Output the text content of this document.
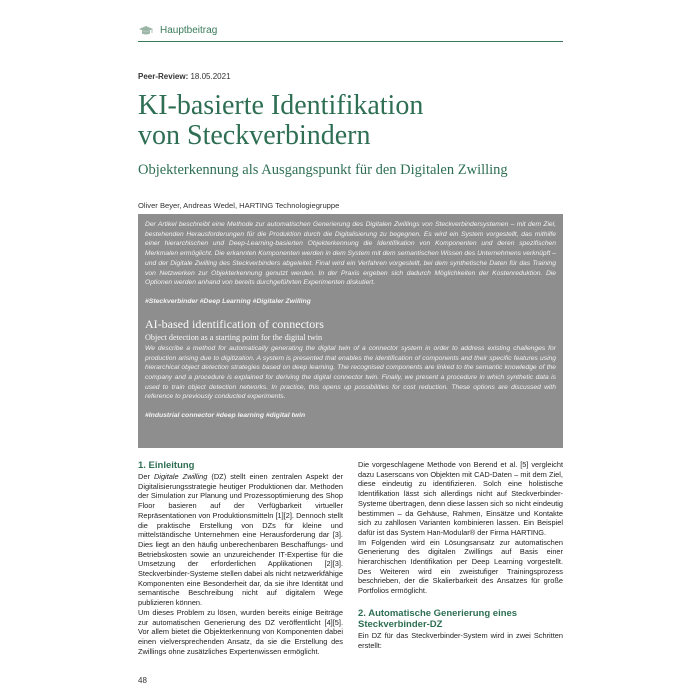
Hauptbeitrag
Peer-Review: 18.05.2021
KI-basierte Identifikation
von Steckverbindern
Objekterkennung als Ausgangspunkt für den Digitalen Zwilling
Oliver Beyer, Andreas Wedel, HARTING Technologiegruppe

Der Artikel beschreibt eine Methode zur automatischen Generierung des Digitalen Zwillings von Steckverbindersystemen – mit dem Ziel, bestehenden Herausforderungen für die Produktion durch die Digitalisierung zu begegnen. Es wird ein System vorgestellt, das mithilfe einer hierarchischen und Deep-Learning-basierten Objekterkennung die Identifikation von Komponenten und deren spezifischen Merkmalen ermöglicht. Die erkannten Komponenten werden in dem System mit dem semantischen Wissen des Unternehmens verknüpft – und der Digitale Zwilling des Steckverbinders abgeleitet. Final wird ein Verfahren vorgestellt, bei dem synthetische Daten für das Training von Netzwerken zur Objekterkennung genutzt werden. In der Praxis ergeben sich dadurch Möglichkeiten der Kostenreduktion. Die Optionen werden anhand von bereits durchgeführten Experimenten diskutiert.

#Steckverbinder #Deep Learning #Digitaler Zwilling
AI-based identification of connectors
Object detection as a starting point for the digital twin

We describe a method for automatically generating the digital twin of a connector system in order to address existing challenges for production arising due to digitization. A system is presented that enables the identification of components and their specific features using hierarchical object detection strategies based on deep learning. The recognised components are linked to the semantic knowledge of the company and a procedure is explained for deriving the digital connector twin. Finally, we present a procedure in which synthetic data is used to train object detection networks. In practice, this opens up possibilities for cost reduction. These options are discussed with reference to previously conducted experiments.

#Industrial connector #deep learning #digital twin
1. Einleitung

Der Digitale Zwilling (DZ) stellt einen zentralen Aspekt der Digitalisierungsstrategie heutiger Produktionen dar. Methoden der Simulation zur Planung und Prozessoptimierung des Shop Floor basieren auf der Verfügbarkeit virtueller Repräsentationen von Produktionsmitteln [1][2]. Dennoch stellt die praktische Erstellung von DZs für kleine und mittelständische Unternehmen eine Herausforderung dar [3]. Dies liegt an den häufig unberechenbaren Beschaffungs- und Betriebskosten sowie an unzureichender IT-Expertise für die Umsetzung der erforderlichen Applikationen [2][3]. Steckverbinder-Systeme stellen dabei als nicht netzwerkfähige Komponenten eine Besonderheit dar, da sie ihre Identität und semantische Beschreibung nicht auf digitalem Wege publizieren können.

Um dieses Problem zu lösen, wurden bereits einige Beiträge zur automatischen Generierung des DZ veröffentlicht [4][5]. Vor allem bietet die Objekterkennung von Komponenten dabei einen vielversprechenden Ansatz, da sie die Erstellung des Zwillings ohne zusätzliches Expertenwissen ermöglicht.

Die vorgeschlagene Methode von Berend et al. [5] vergleicht dazu Laserscans von Objekten mit CAD-Daten – mit dem Ziel, diese eindeutig zu identifizieren. Solch eine holistische Identifikation lässt sich allerdings nicht auf Steckverbinder-Systeme übertragen, denn diese lassen sich so nicht eindeutig bestimmen – da Gehäuse, Rahmen, Einsätze und Kontakte sich zu zahllosen Varianten kombinieren lassen. Ein Beispiel dafür ist das System Han-Modular® der Firma HARTING.

Im Folgenden wird ein Lösungsansatz zur automatischen Generierung des digitalen Zwillings auf Basis einer hierarchischen Identifikation per Deep Learning vorgestellt. Des Weiteren wird ein zweistufiger Trainingsprozess beschrieben, der die Skalierbarkeit des Ansatzes für große Portfolios ermöglicht.

2. Automatische Generierung eines Steckverbinder-DZ

Ein DZ für das Steckverbinder-System wird in zwei Schritten erstellt:

48
